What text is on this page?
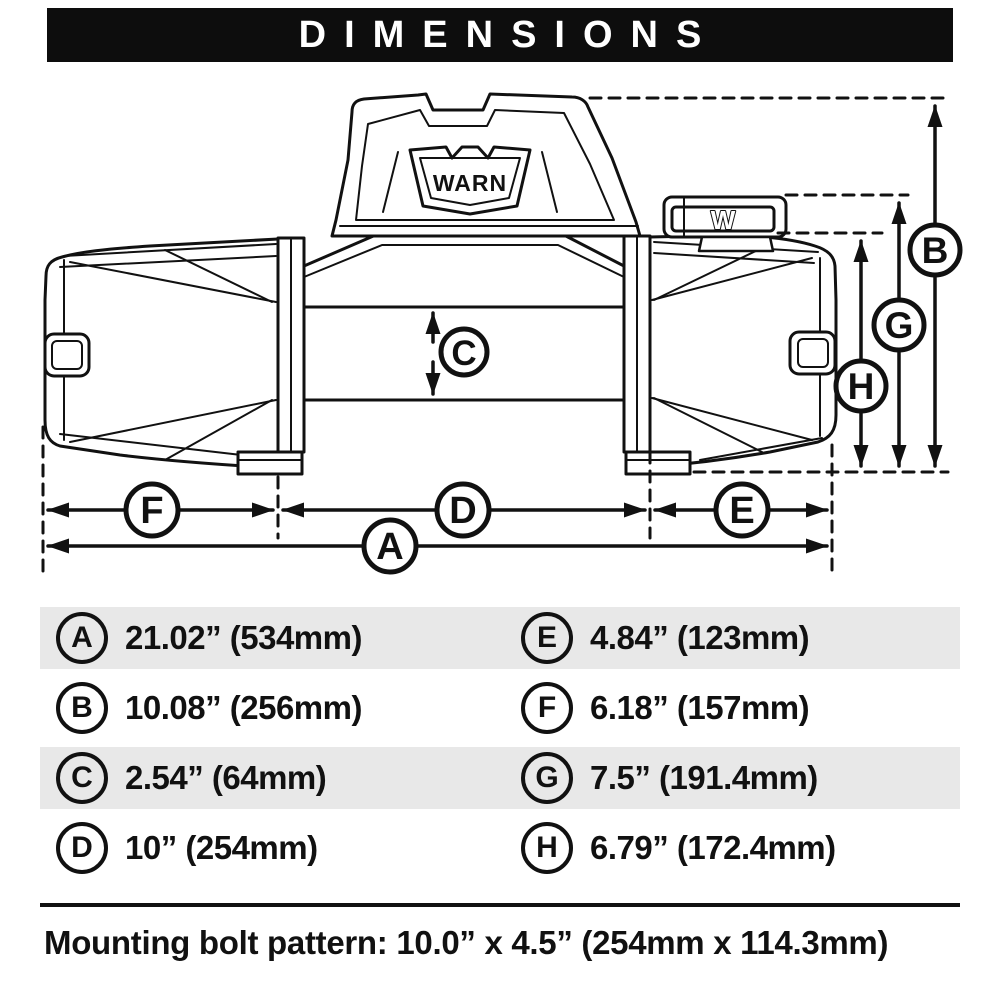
DIMENSIONS
WARN
W
B
G
H
C
F	D	E
A
A 21.02” (534mm)	E	4.84” (123mm)
B 10.08” (256mm)	F	6.18” (157mm)
C 2.54” (64mm)	G 7.5” (191.4mm)
D 10” (254mm)	H 6.79” (172.4mm)
Mounting bolt pattern: 10.0” x 4.5” (254mm x 114.3mm)
